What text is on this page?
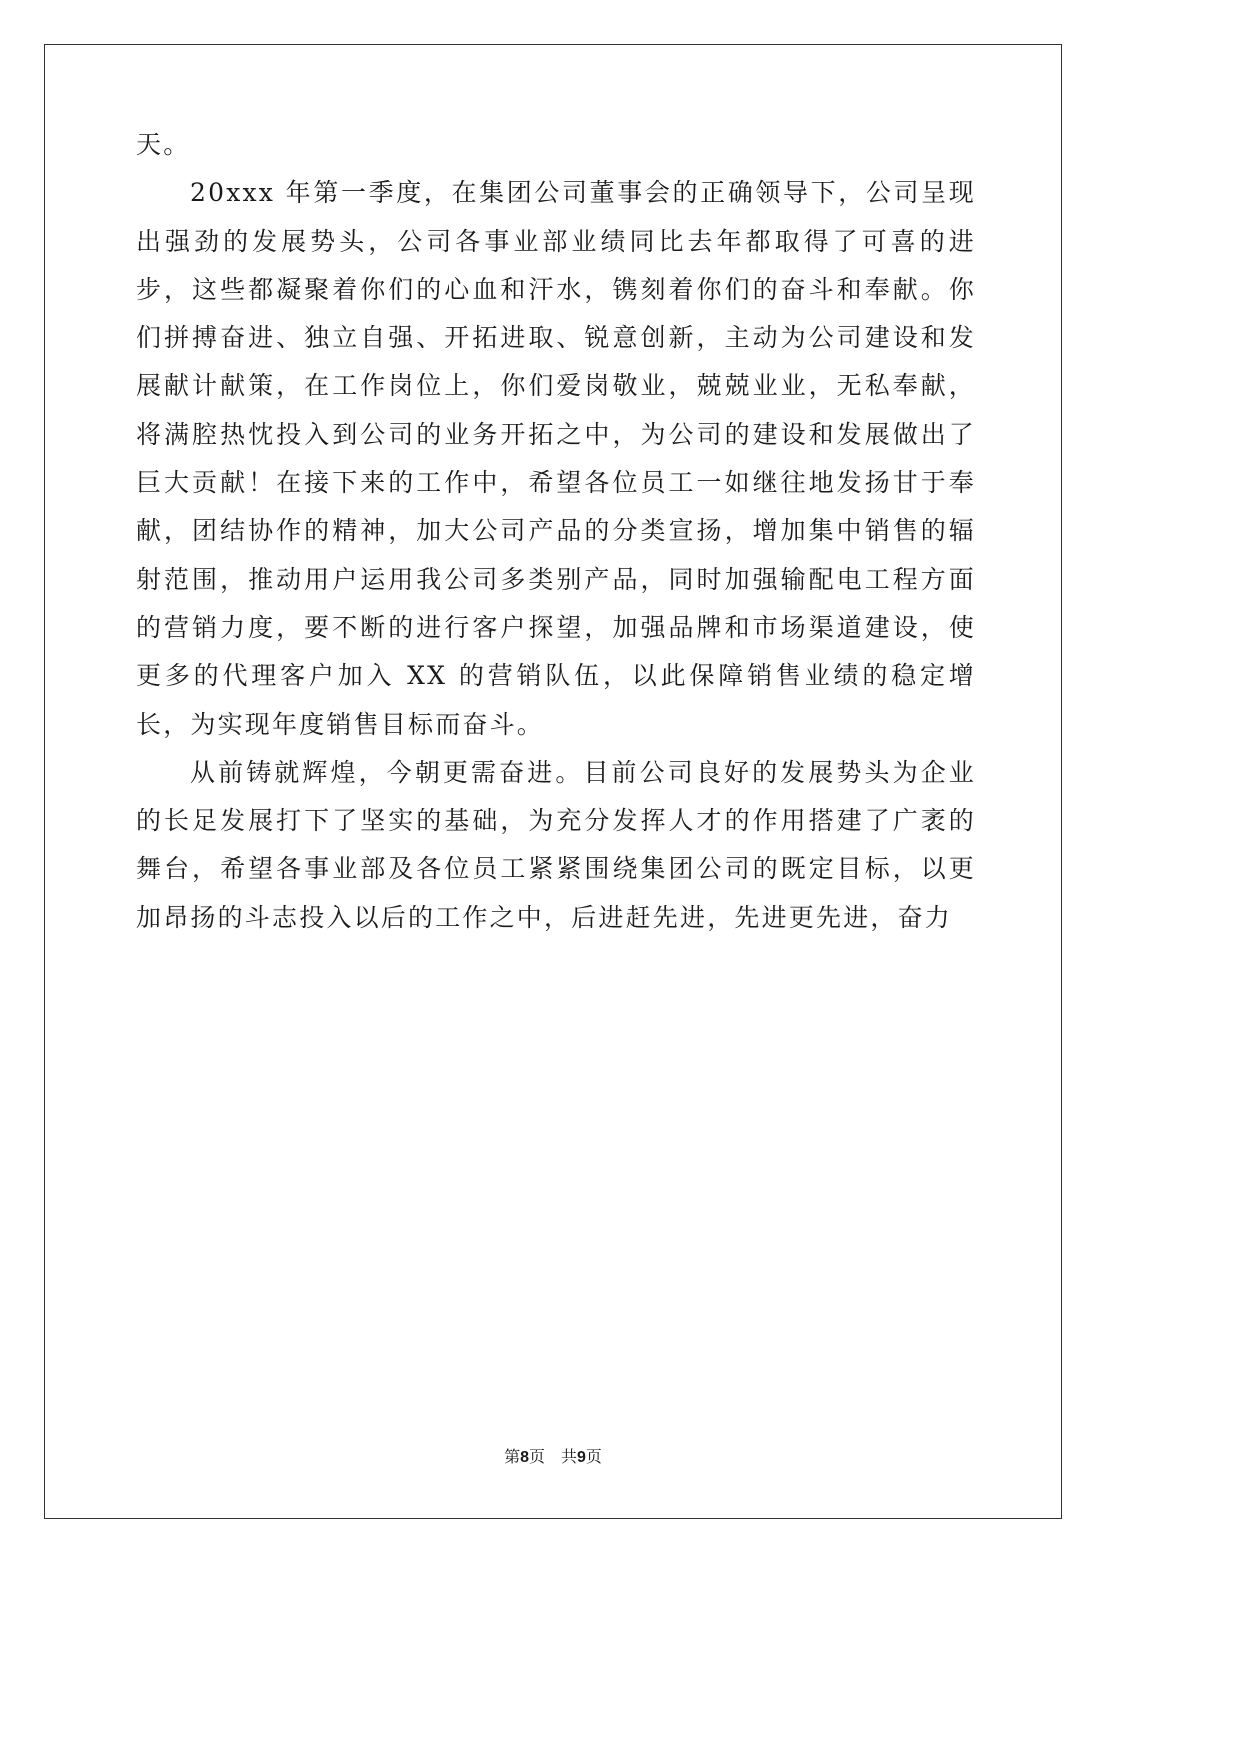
天。

20xxx 年第一季度，在集团公司董事会的正确领导下，公司呈现出强劲的发展势头，公司各事业部业绩同比去年都取得了可喜的进步，这些都凝聚着你们的心血和汗水，镌刻着你们的奋斗和奉献。你们拼搏奋进、独立自强、开拓进取、锐意创新，主动为公司建设和发展献计献策，在工作岗位上，你们爱岗敬业，兢兢业业，无私奉献，将满腔热忱投入到公司的业务开拓之中，为公司的建设和发展做出了巨大贡献！在接下来的工作中，希望各位员工一如继往地发扬甘于奉献，团结协作的精神，加大公司产品的分类宣扬，增加集中销售的辐射范围，推动用户运用我公司多类别产品，同时加强输配电工程方面的营销力度，要不断的进行客户探望，加强品牌和市场渠道建设，使更多的代理客户加入 XX 的营销队伍，以此保障销售业绩的稳定增长，为实现年度销售目标而奋斗。

从前铸就辉煌，今朝更需奋进。目前公司良好的发展势头为企业的长足发展打下了坚实的基础，为充分发挥人才的作用搭建了广袤的舞台，希望各事业部及各位员工紧紧围绕集团公司的既定目标，以更加昂扬的斗志投入以后的工作之中，后进赶先进，先进更先进，奋力

第8页 共9页
